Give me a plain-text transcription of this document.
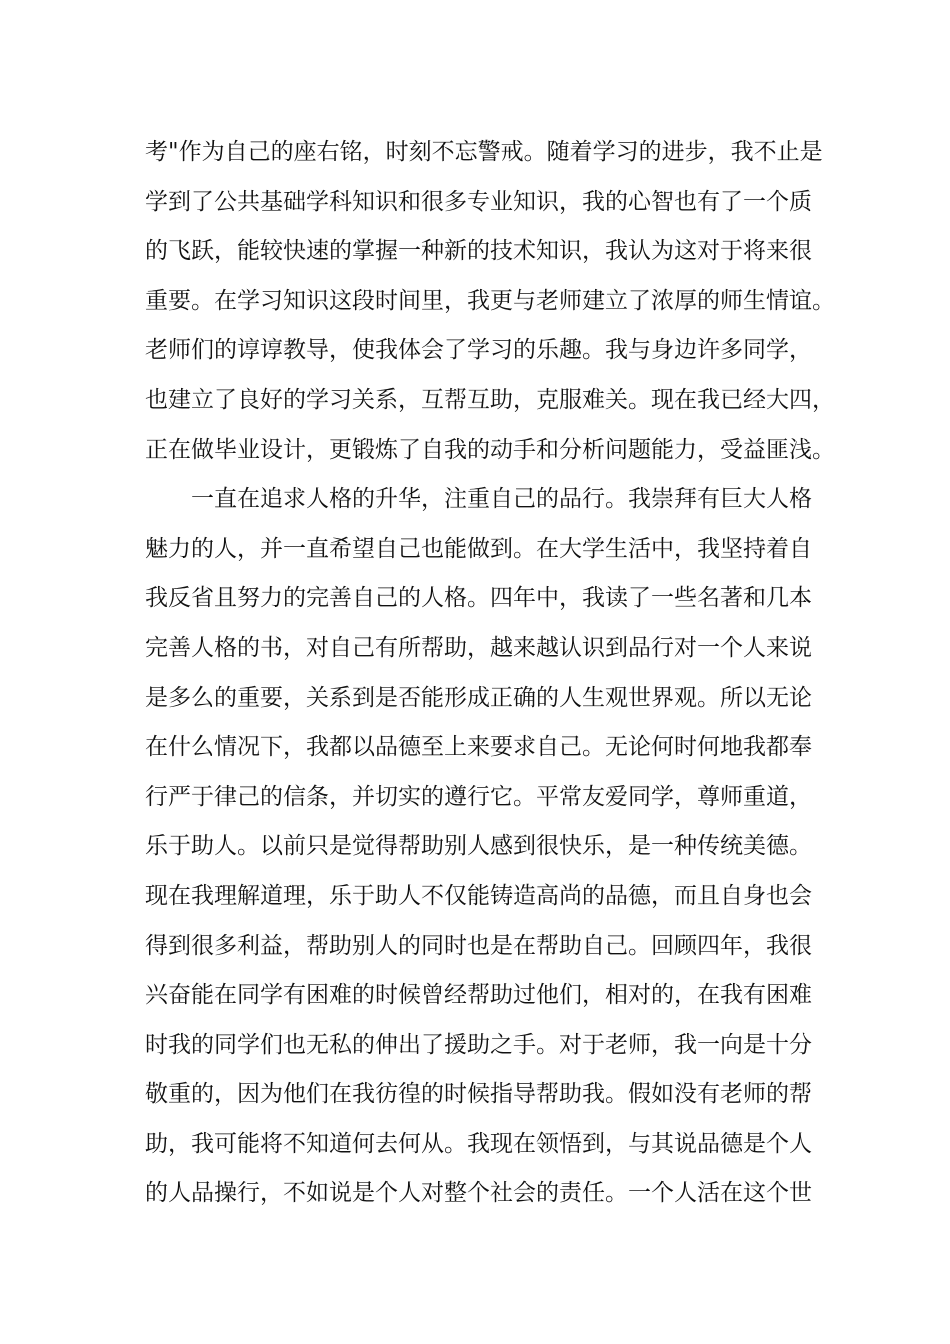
考"作为自己的座右铭，时刻不忘警戒。随着学习的进步，我不止是
学到了公共基础学科知识和很多专业知识，我的心智也有了一个质
的飞跃，能较快速的掌握一种新的技术知识，我认为这对于将来很
重要。在学习知识这段时间里，我更与老师建立了浓厚的师生情谊。
老师们的谆谆教导，使我体会了学习的乐趣。我与身边许多同学，
也建立了良好的学习关系，互帮互助，克服难关。现在我已经大四，
正在做毕业设计，更锻炼了自我的动手和分析问题能力，受益匪浅。
一直在追求人格的升华，注重自己的品行。我崇拜有巨大人格
魅力的人，并一直希望自己也能做到。在大学生活中，我坚持着自
我反省且努力的完善自己的人格。四年中，我读了一些名著和几本
完善人格的书，对自己有所帮助，越来越认识到品行对一个人来说
是多么的重要，关系到是否能形成正确的人生观世界观。所以无论
在什么情况下，我都以品德至上来要求自己。无论何时何地我都奉
行严于律己的信条，并切实的遵行它。平常友爱同学，尊师重道，
乐于助人。以前只是觉得帮助别人感到很快乐，是一种传统美德。
现在我理解道理，乐于助人不仅能铸造高尚的品德，而且自身也会
得到很多利益，帮助别人的同时也是在帮助自己。回顾四年，我很
兴奋能在同学有困难的时候曾经帮助过他们，相对的，在我有困难
时我的同学们也无私的伸出了援助之手。对于老师，我一向是十分
敬重的，因为他们在我彷徨的时候指导帮助我。假如没有老师的帮
助，我可能将不知道何去何从。我现在领悟到，与其说品德是个人
的人品操行，不如说是个人对整个社会的责任。一个人活在这个世
